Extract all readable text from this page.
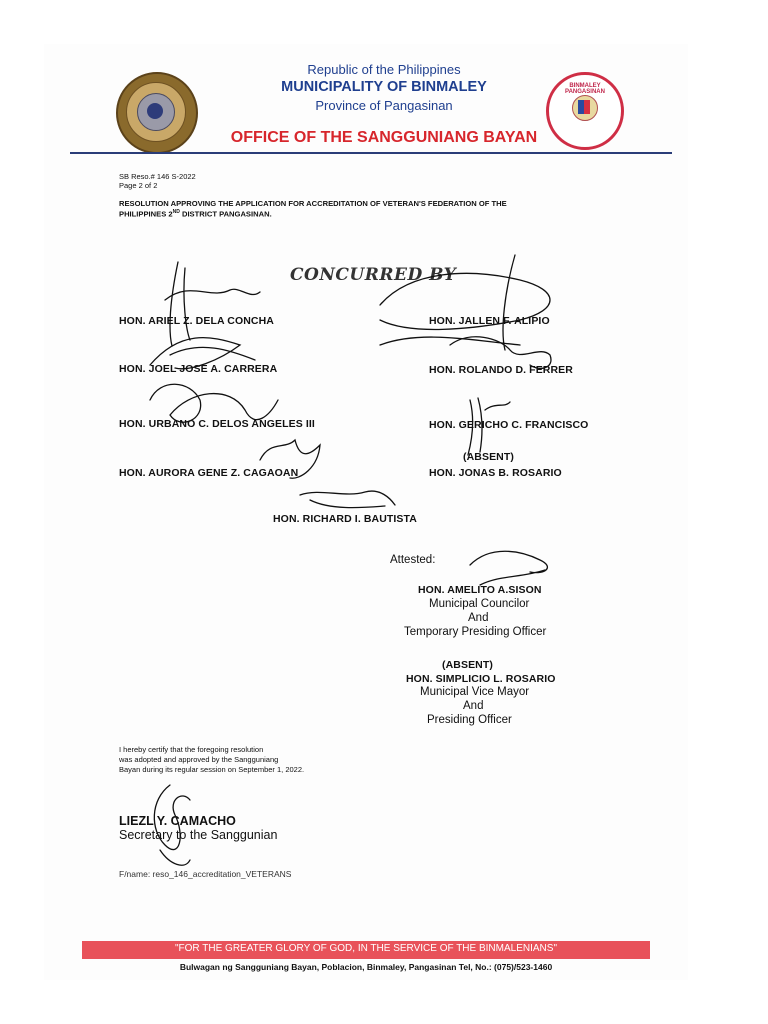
BINMALEY PANGASINAN
Republic of the Philippines
MUNICIPALITY OF BINMALEY
Province of Pangasinan
OFFICE OF THE SANGGUNIANG BAYAN
SB Reso.# 146 S-2022
Page 2 of 2
RESOLUTION APPROVING THE APPLICATION FOR ACCREDITATION OF VETERAN'S FEDERATION OF THE
PHILIPPINES 2ND DISTRICT PANGASINAN.
CONCURRED BY
HON. ARIEL Z. DELA CONCHA
HON. JOEL JOSE A. CARRERA
HON. URBANO C. DELOS ANGELES III
HON. AURORA GENE Z. CAGAOAN
HON. JALLEN F. ALIPIO
HON. ROLANDO D. FERRER
HON. GERICHO C. FRANCISCO
(ABSENT)
HON. JONAS B. ROSARIO
HON. RICHARD I. BAUTISTA
Attested:
HON. AMELITO A.SISON
Municipal Councilor
And
Temporary Presiding Officer
(ABSENT)
HON. SIMPLICIO L. ROSARIO
Municipal Vice Mayor
And
Presiding Officer
I hereby certify that the foregoing resolution
was adopted and approved by the Sangguniang
Bayan during its regular session on September 1, 2022.
LIEZL Y. CAMACHO
Secretary to the Sanggunian
F/name: reso_146_accreditation_VETERANS
"FOR THE GREATER GLORY OF GOD, IN THE SERVICE OF THE BINMALENIANS"
Bulwagan ng Sangguniang Bayan, Poblacion, Binmaley, Pangasinan Tel, No.: (075)/523-1460
